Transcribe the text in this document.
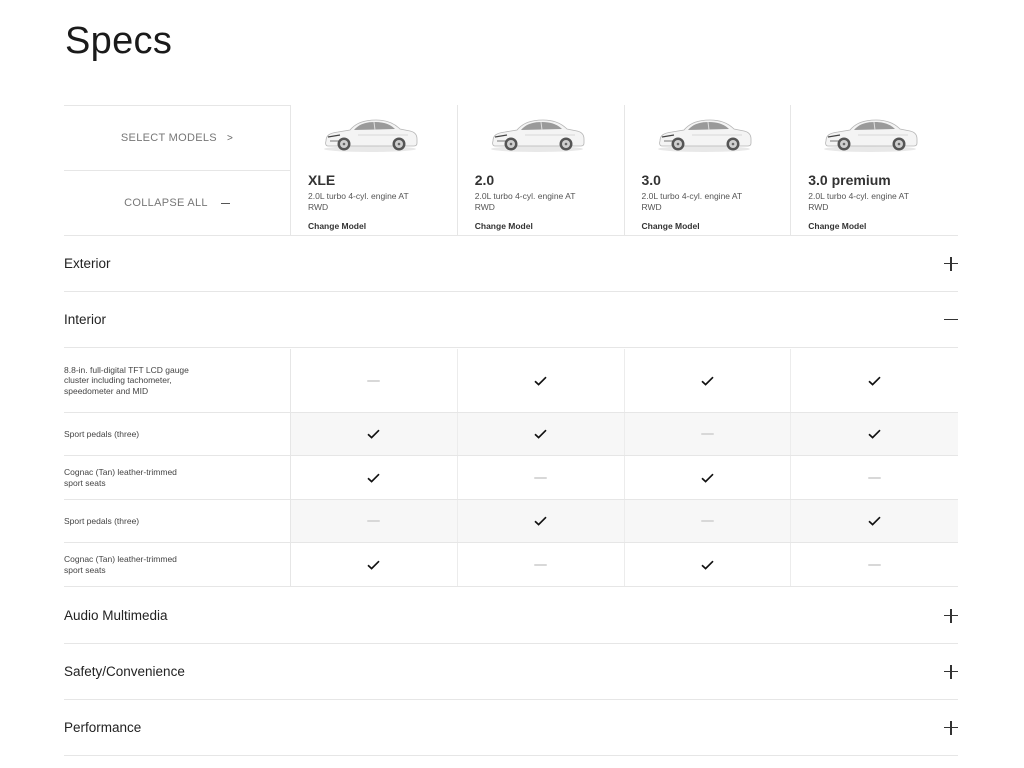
Specs
SELECT MODELS >
COLLAPSE ALL
XLE
2.0L turbo 4-cyl. engine AT RWD
Change Model
2.0
2.0L turbo 4-cyl. engine AT RWD
Change Model
3.0
2.0L turbo 4-cyl. engine AT RWD
Change Model
3.0 premium
2.0L turbo 4-cyl. engine AT RWD
Change Model
Exterior
Interior
8.8-in. full-digital TFT LCD gauge cluster including tachometer, speedometer and MID
Sport pedals (three)
Cognac (Tan) leather-trimmed sport seats
Sport pedals (three)
Cognac (Tan) leather-trimmed sport seats
Audio Multimedia
Safety/Convenience
Performance
